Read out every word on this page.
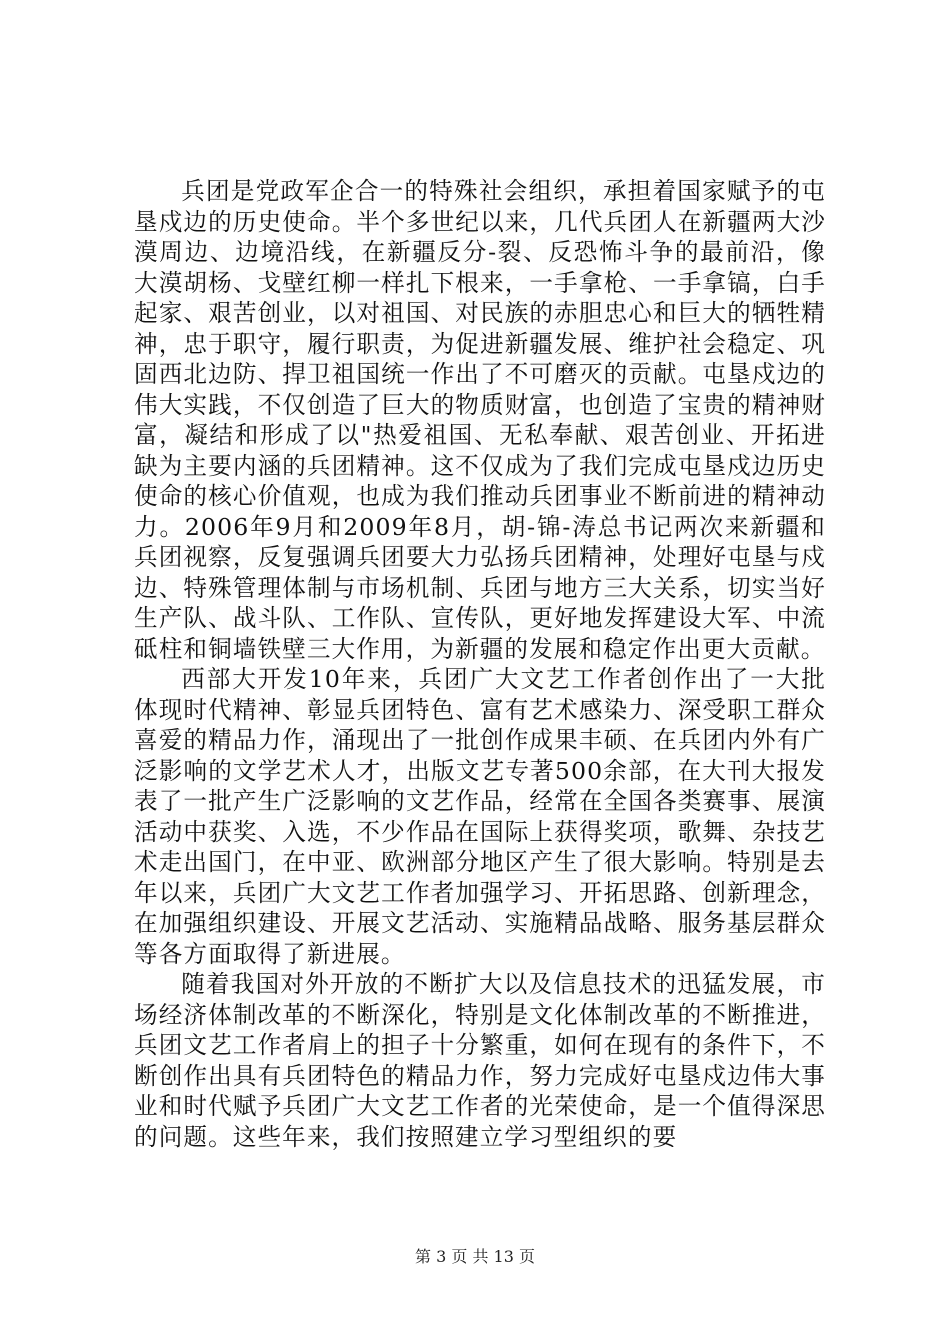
兵团是党政军企合一的特殊社会组织，承担着国家赋予的屯垦戍边的历史使命。半个多世纪以来，几代兵团人在新疆两大沙漠周边、边境沿线，在新疆反分-裂、反恐怖斗争的最前沿，像大漠胡杨、戈壁红柳一样扎下根来，一手拿枪、一手拿镐，白手起家、艰苦创业，以对祖国、对民族的赤胆忠心和巨大的牺牲精神，忠于职守，履行职责，为促进新疆发展、维护社会稳定、巩固西北边防、捍卫祖国统一作出了不可磨灭的贡献。屯垦戍边的伟大实践，不仅创造了巨大的物质财富，也创造了宝贵的精神财富，凝结和形成了以"热爱祖国、无私奉献、艰苦创业、开拓进缺为主要内涵的兵团精神。这不仅成为了我们完成屯垦戍边历史使命的核心价值观，也成为我们推动兵团事业不断前进的精神动力。2006年9月和2009年8月，胡-锦-涛总书记两次来新疆和兵团视察，反复强调兵团要大力弘扬兵团精神，处理好屯垦与戍边、特殊管理体制与市场机制、兵团与地方三大关系，切实当好生产队、战斗队、工作队、宣传队，更好地发挥建设大军、中流砥柱和铜墙铁壁三大作用，为新疆的发展和稳定作出更大贡献。

西部大开发10年来，兵团广大文艺工作者创作出了一大批体现时代精神、彰显兵团特色、富有艺术感染力、深受职工群众喜爱的精品力作，涌现出了一批创作成果丰硕、在兵团内外有广泛影响的文学艺术人才，出版文艺专著500余部，在大刊大报发表了一批产生广泛影响的文艺作品，经常在全国各类赛事、展演活动中获奖、入选，不少作品在国际上获得奖项，歌舞、杂技艺术走出国门，在中亚、欧洲部分地区产生了很大影响。特别是去年以来，兵团广大文艺工作者加强学习、开拓思路、创新理念，在加强组织建设、开展文艺活动、实施精品战略、服务基层群众等各方面取得了新进展。

随着我国对外开放的不断扩大以及信息技术的迅猛发展，市场经济体制改革的不断深化，特别是文化体制改革的不断推进，兵团文艺工作者肩上的担子十分繁重，如何在现有的条件下，不断创作出具有兵团特色的精品力作，努力完成好屯垦戍边伟大事业和时代赋予兵团广大文艺工作者的光荣使命，是一个值得深思的问题。这些年来，我们按照建立学习型组织的要

第 3 页 共 13 页
